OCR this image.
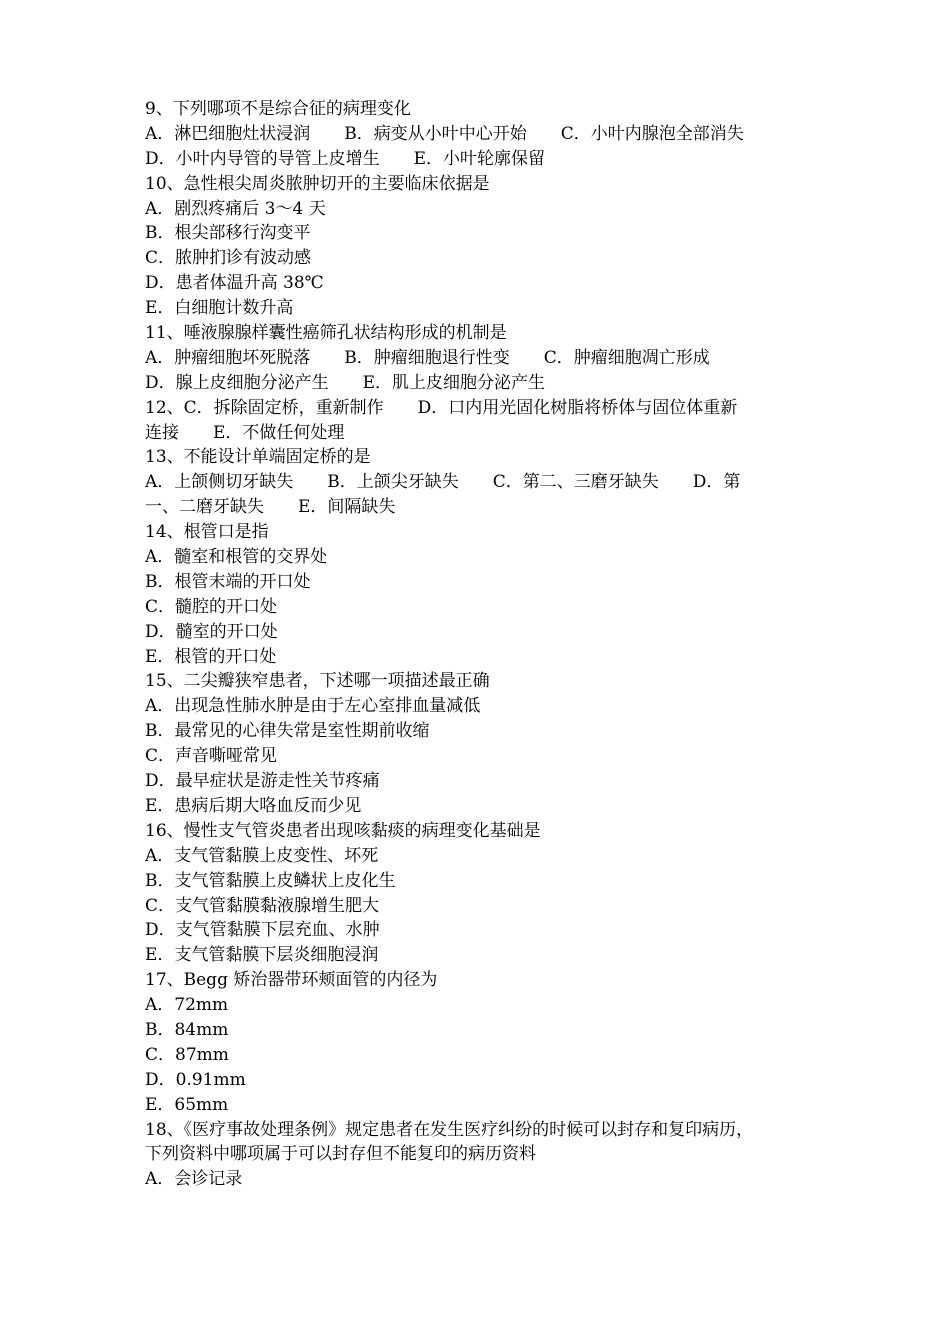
9、下列哪项不是综合征的病理变化
A．淋巴细胞灶状浸润　　B．病变从小叶中心开始　　C．小叶内腺泡全部消失
D．小叶内导管的导管上皮增生　　E．小叶轮廓保留
10、急性根尖周炎脓肿切开的主要临床依据是
A．剧烈疼痛后 3～4 天
B．根尖部移行沟变平
C．脓肿扪诊有波动感
D．患者体温升高 38℃
E．白细胞计数升高
11、唾液腺腺样囊性癌筛孔状结构形成的机制是
A．肿瘤细胞坏死脱落　　B．肿瘤细胞退行性变　　C．肿瘤细胞凋亡形成
D．腺上皮细胞分泌产生　　E．肌上皮细胞分泌产生
12、C．拆除固定桥，重新制作　　D．口内用光固化树脂将桥体与固位体重新
连接　　E．不做任何处理
13、不能设计单端固定桥的是
A．上颌侧切牙缺失　　B．上颌尖牙缺失　　C．第二、三磨牙缺失　　D．第
一、二磨牙缺失　　E．间隔缺失
14、根管口是指
A．髓室和根管的交界处
B．根管末端的开口处
C．髓腔的开口处
D．髓室的开口处
E．根管的开口处
15、二尖瓣狭窄患者，下述哪一项描述最正确
A．出现急性肺水肿是由于左心室排血量减低
B．最常见的心律失常是室性期前收缩
C．声音嘶哑常见
D．最早症状是游走性关节疼痛
E．患病后期大咯血反而少见
16、慢性支气管炎患者出现咳黏痰的病理变化基础是
A．支气管黏膜上皮变性、坏死
B．支气管黏膜上皮鳞状上皮化生
C．支气管黏膜黏液腺增生肥大
D．支气管黏膜下层充血、水肿
E．支气管黏膜下层炎细胞浸润
17、Begg 矫治器带环颊面管的内径为
A．72mm
B．84mm
C．87mm
D．0.91mm
E．65mm
18、《医疗事故处理条例》规定患者在发生医疗纠纷的时候可以封存和复印病历，
下列资料中哪项属于可以封存但不能复印的病历资料
A．会诊记录
